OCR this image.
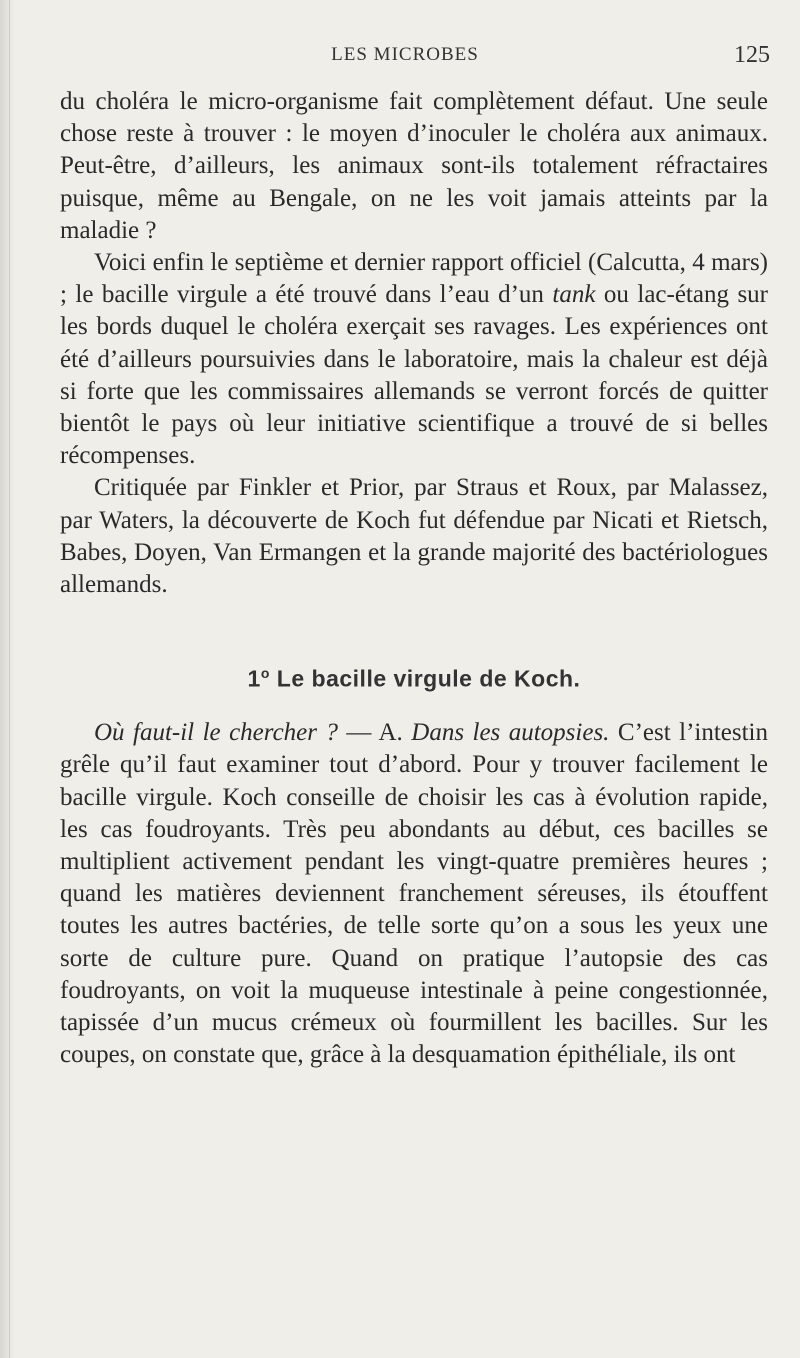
LES MICROBES	125

du choléra le micro-organisme fait complètement défaut. Une seule chose reste à trouver : le moyen d’inoculer le choléra aux animaux. Peut-être, d’ailleurs, les animaux sont-ils totalement réfractaires puisque, même au Bengale, on ne les voit jamais atteints par la maladie ?

Voici enfin le septième et dernier rapport officiel (Calcutta, 4 mars) ; le bacille virgule a été trouvé dans l’eau d’un tank ou lac-étang sur les bords duquel le choléra exerçait ses ravages. Les expériences ont été d’ailleurs poursuivies dans le laboratoire, mais la chaleur est déjà si forte que les commissaires allemands se verront forcés de quitter bientôt le pays où leur initiative scientifique a trouvé de si belles récompenses.

Critiquée par Finkler et Prior, par Straus et Roux, par Malassez, par Waters, la découverte de Koch fut défendue par Nicati et Rietsch, Babes, Doyen, Van Ermangen et la grande majorité des bactériologues allemands.

1$^o$ Le bacille virgule de Koch.

Où faut-il le chercher ? — A. Dans les autopsies. C’est l’intestin grêle qu’il faut examiner tout d’abord. Pour y trouver facilement le bacille virgule. Koch conseille de choisir les cas à évolution rapide, les cas foudroyants. Très peu abondants au début, ces bacilles se multiplient activement pendant les vingt-quatre premières heures ; quand les matières deviennent franchement séreuses, ils étouffent toutes les autres bactéries, de telle sorte qu’on a sous les yeux une sorte de culture pure. Quand on pratique l’autopsie des cas foudroyants, on voit la muqueuse intestinale à peine congestionnée, tapissée d’un mucus crémeux où fourmillent les bacilles. Sur les coupes, on constate que, grâce à la desquamation épithéliale, ils ont
